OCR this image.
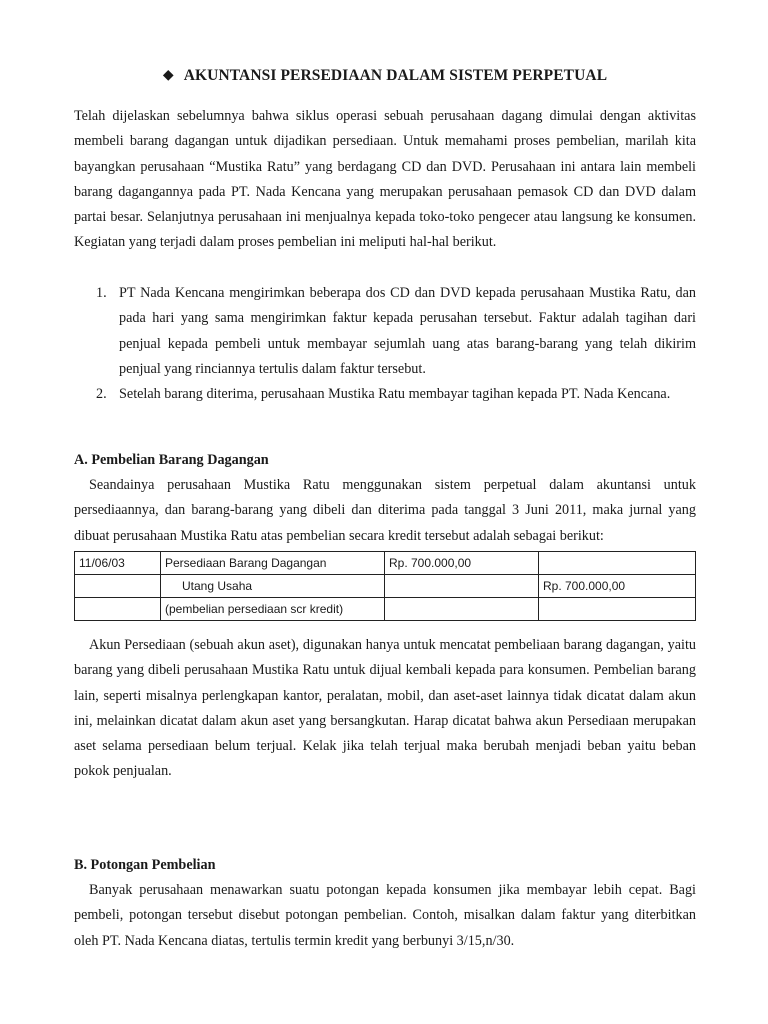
◆ AKUNTANSI PERSEDIAAN DALAM SISTEM PERPETUAL

Telah dijelaskan sebelumnya bahwa siklus operasi sebuah perusahaan dagang dimulai dengan aktivitas membeli barang dagangan untuk dijadikan persediaan. Untuk memahami proses pembelian, marilah kita bayangkan perusahaan “Mustika Ratu” yang berdagang CD dan DVD. Perusahaan ini antara lain membeli barang dagangannya pada PT. Nada Kencana yang merupakan perusahaan pemasok CD dan DVD dalam partai besar. Selanjutnya perusahaan ini menjualnya kepada toko-toko pengecer atau langsung ke konsumen. Kegiatan yang terjadi dalam proses pembelian ini meliputi hal-hal berikut.

1. PT Nada Kencana mengirimkan beberapa dos CD dan DVD kepada perusahaan Mustika Ratu, dan pada hari yang sama mengirimkan faktur kepada perusahan tersebut. Faktur adalah tagihan dari penjual kepada pembeli untuk membayar sejumlah uang atas barang-barang yang telah dikirim penjual yang rinciannya tertulis dalam faktur tersebut.
2. Setelah barang diterima, perusahaan Mustika Ratu membayar tagihan kepada PT. Nada Kencana.
A. Pembelian Barang Dagangan

Seandainya perusahaan Mustika Ratu menggunakan sistem perpetual dalam akuntansi untuk persediaannya, dan barang-barang yang dibeli dan diterima pada tanggal 3 Juni 2011, maka jurnal yang dibuat perusahaan Mustika Ratu atas pembelian secara kredit tersebut adalah sebagai berikut:

11/06/03	Persediaan Barang Dagangan	Rp. 700.000,00	
	Utang Usaha		Rp. 700.000,00
	(pembelian persediaan scr kredit)		

Akun Persediaan (sebuah akun aset), digunakan hanya untuk mencatat pembeliaan barang dagangan, yaitu barang yang dibeli perusahaan Mustika Ratu untuk dijual kembali kepada para konsumen. Pembelian barang lain, seperti misalnya perlengkapan kantor, peralatan, mobil, dan aset-aset lainnya tidak dicatat dalam akun ini, melainkan dicatat dalam akun aset yang bersangkutan. Harap dicatat bahwa akun Persediaan merupakan aset selama persediaan belum terjual. Kelak jika telah terjual maka berubah menjadi beban yaitu beban pokok penjualan.

B. Potongan Pembelian

Banyak perusahaan menawarkan suatu potongan kepada konsumen jika membayar lebih cepat. Bagi pembeli, potongan tersebut disebut potongan pembelian. Contoh, misalkan dalam faktur yang diterbitkan oleh PT. Nada Kencana diatas, tertulis termin kredit yang berbunyi 3/15,n/30.
